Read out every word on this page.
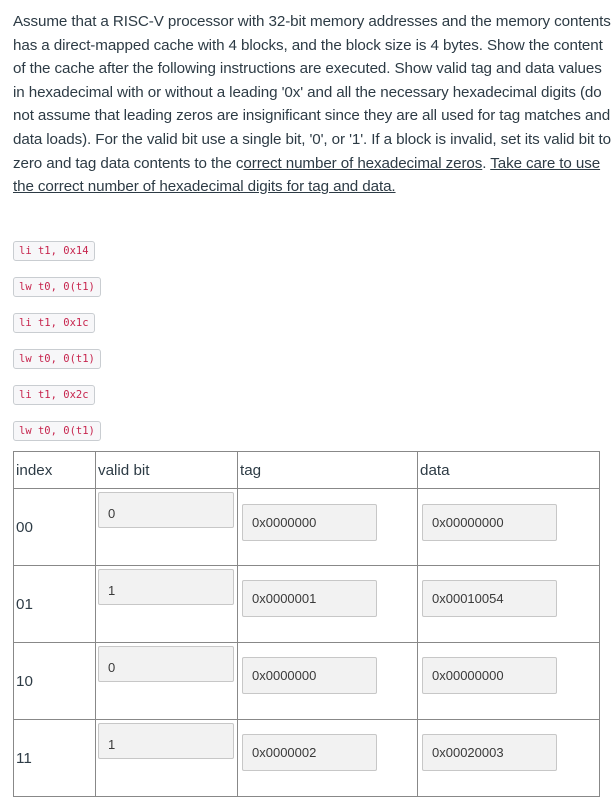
Assume that a RISC-V processor with 32-bit memory addresses and the memory contents has a direct-mapped cache with 4 blocks, and the block size is 4 bytes. Show the content of the cache after the following instructions are executed. Show valid tag and data values in hexadecimal with or without a leading '0x' and all the necessary hexadecimal digits (do not assume that leading zeros are insignificant since they are all used for tag matches and data loads). For the valid bit use a single bit, '0', or '1'. If a block is invalid, set its valid bit to zero and tag data contents to the correct number of hexadecimal zeros. Take care to use the correct number of hexadecimal digits for tag and data.
li t1, 0x14
lw t0, 0(t1)
li t1, 0x1c
lw t0, 0(t1)
li t1, 0x2c
lw t0, 0(t1)
index	valid bit	tag	data
00	0	0x0000000	0x00000000

01	1	0x0000001	0x00010054

10	0	0x0000000	0x00000000

11	1	0x0000002	0x00020003
